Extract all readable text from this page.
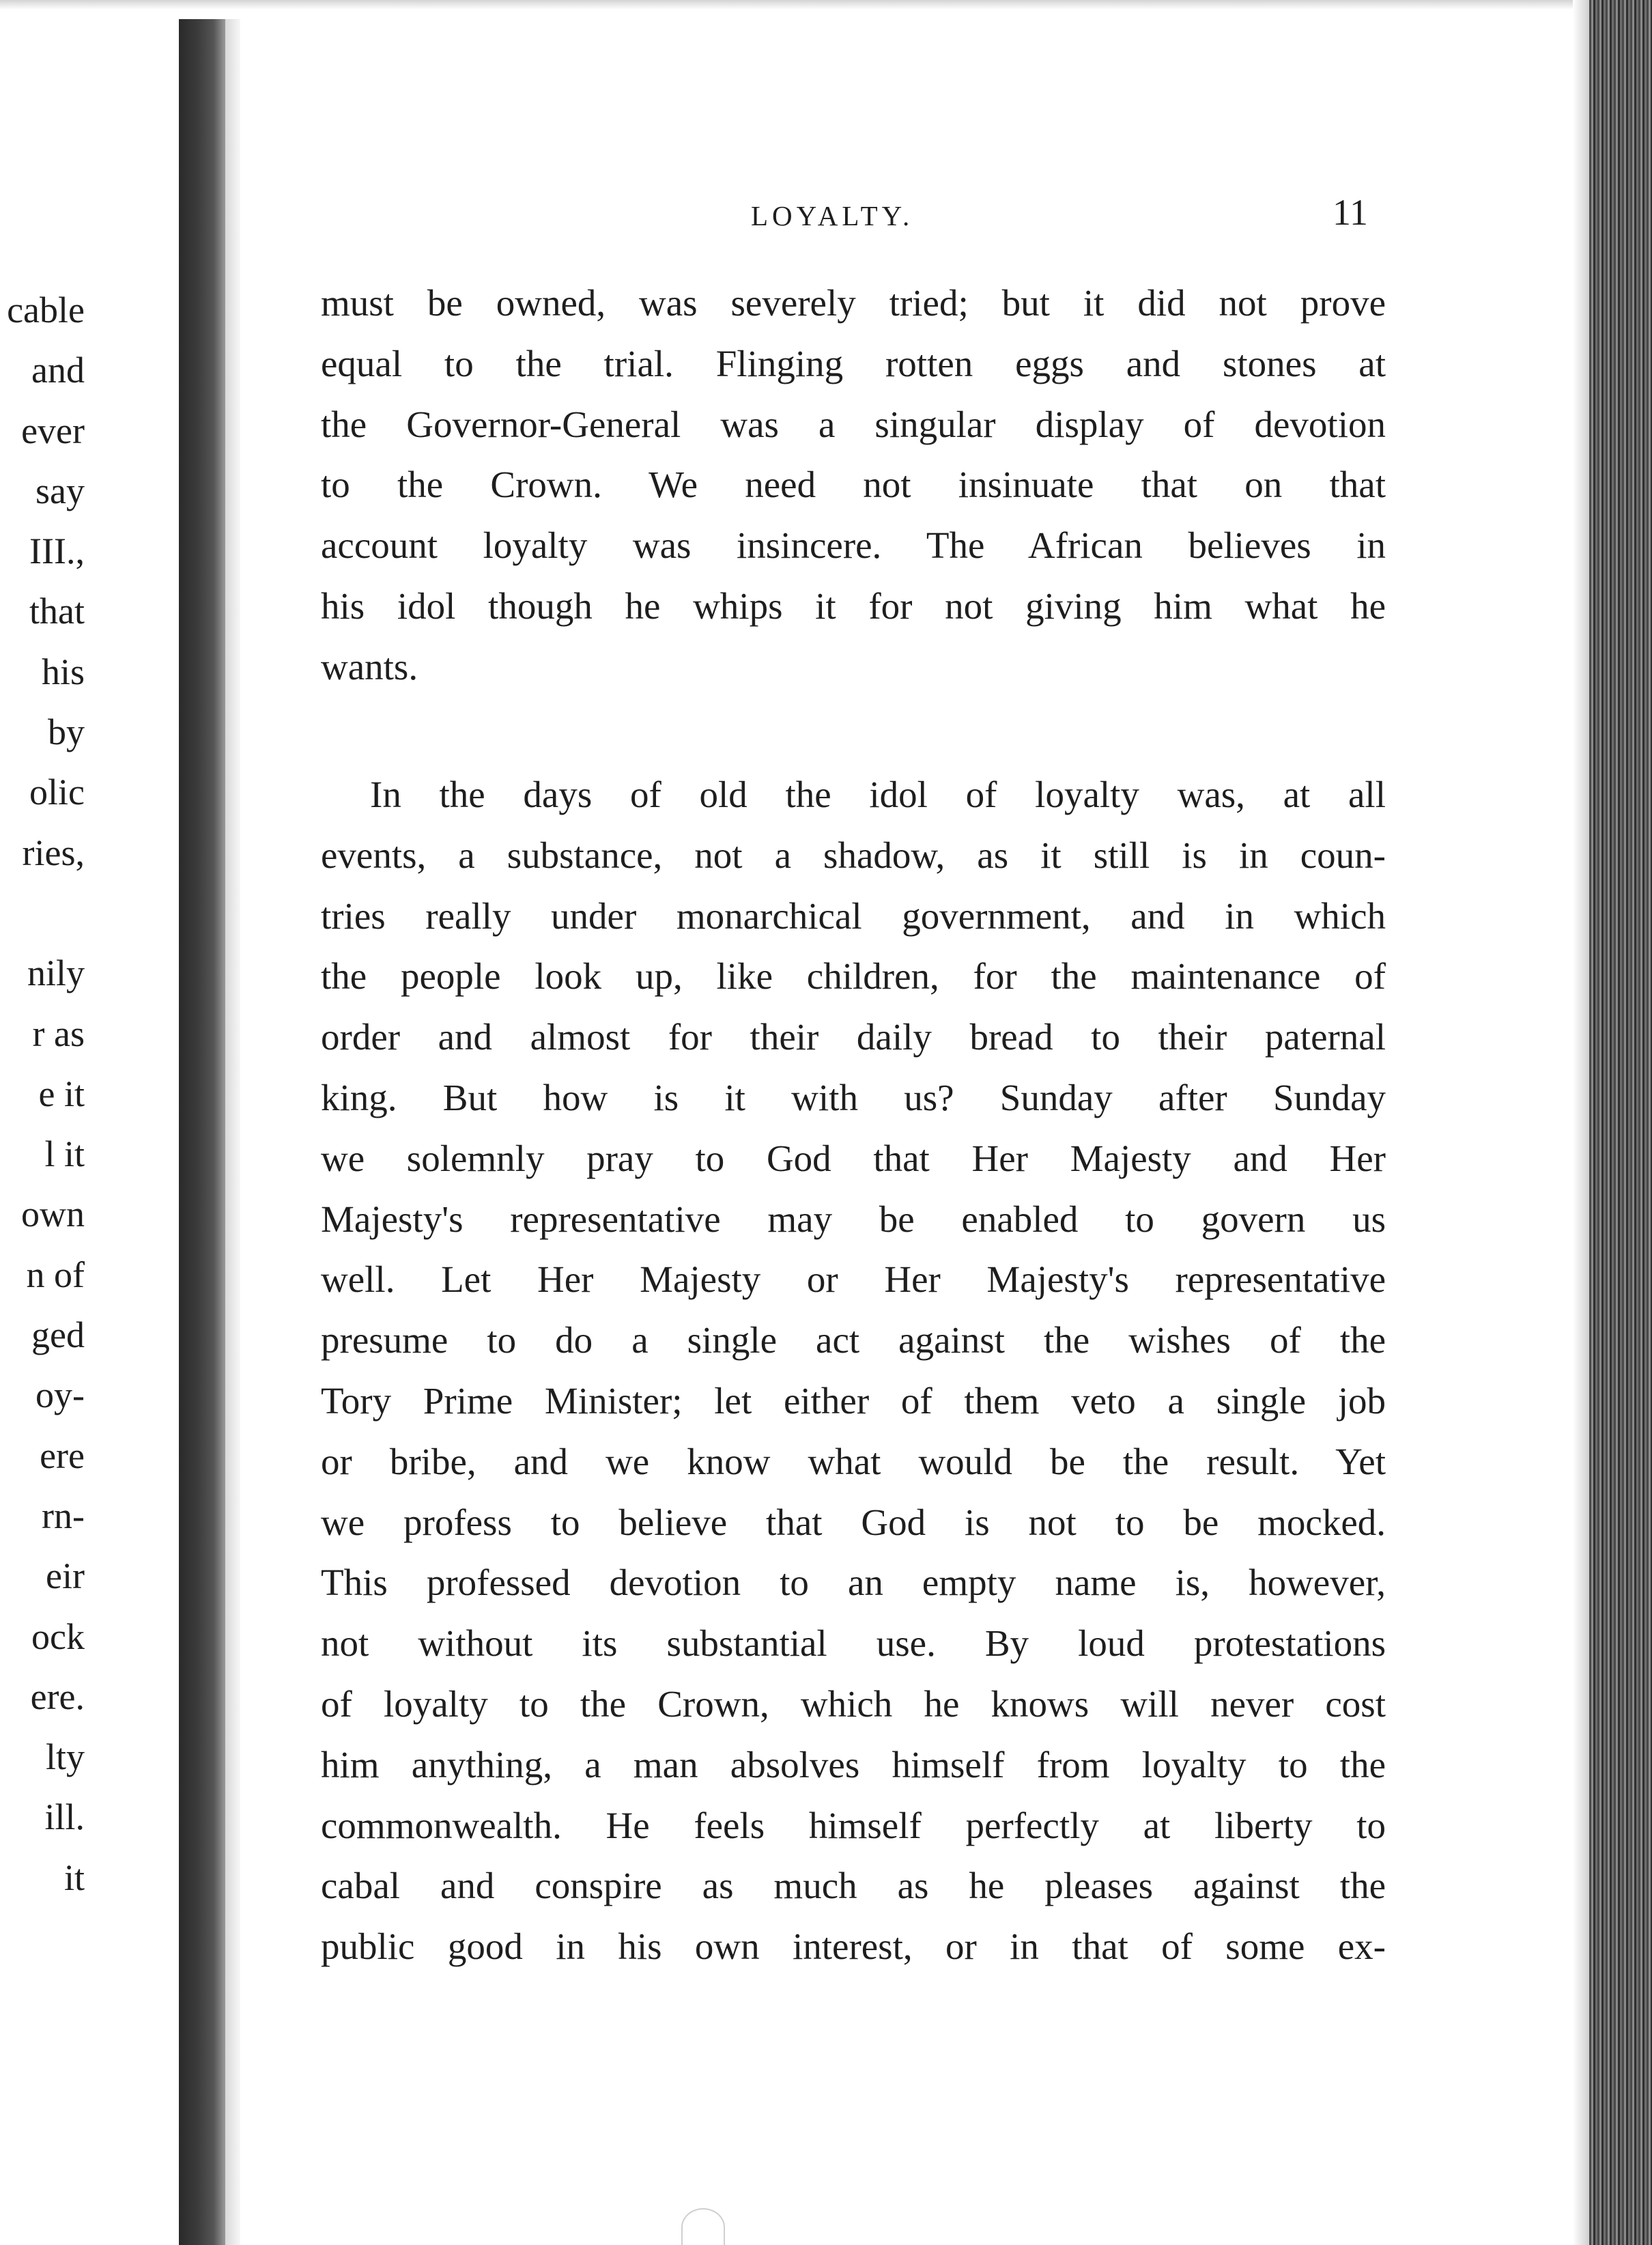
cable
and
ever
say
III.,
that
his
by
olic
ries,
nily
r as
e it
l it
own
n of
ged
oy-
ere
rn-
eir
ock
ere.
lty
ill.
it
LOYALTY.	11
must be owned, was severely tried; but it did not prove
equal to the trial. Flinging rotten eggs and stones at
the Governor-General was a singular display of devotion
to the Crown. We need not insinuate that on that
account loyalty was insincere. The African believes in
his idol though he whips it for not giving him what he
wants.
In the days of old the idol of loyalty was, at all
events, a substance, not a shadow, as it still is in coun-
tries really under monarchical government, and in which
the people look up, like children, for the maintenance of
order and almost for their daily bread to their paternal
king. But how is it with us? Sunday after Sunday
we solemnly pray to God that Her Majesty and Her
Majesty's representative may be enabled to govern us
well. Let Her Majesty or Her Majesty's representative
presume to do a single act against the wishes of the
Tory Prime Minister; let either of them veto a single job
or bribe, and we know what would be the result. Yet
we profess to believe that God is not to be mocked.
This professed devotion to an empty name is, however,
not without its substantial use. By loud protestations
of loyalty to the Crown, which he knows will never cost
him anything, a man absolves himself from loyalty to the
commonwealth. He feels himself perfectly at liberty to
cabal and conspire as much as he pleases against the
public good in his own interest, or in that of some ex-
